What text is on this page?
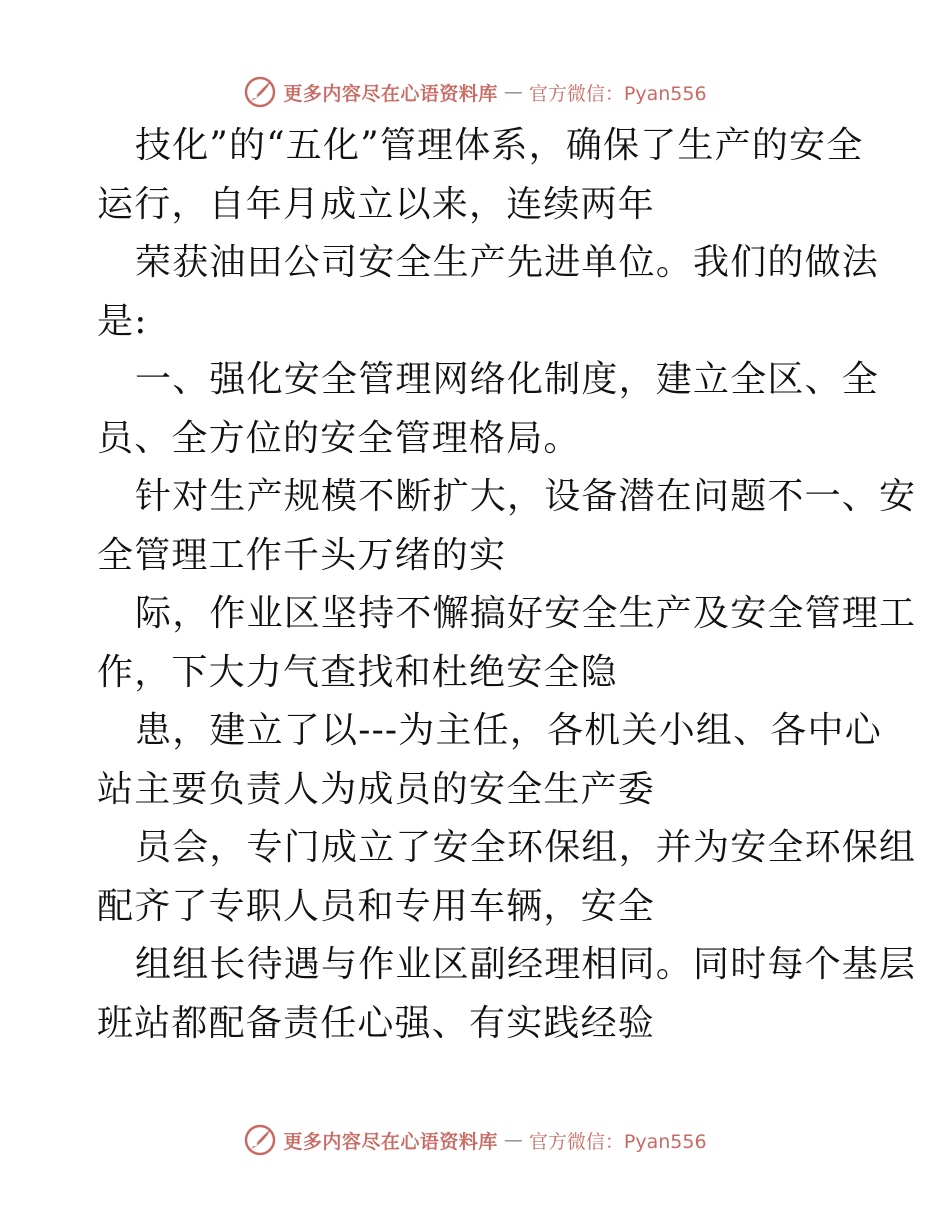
更多内容尽在心语资料库 — 官方微信：Pyan556
技化”的“五化”管理体系，确保了生产的安全
运行，自年月成立以来，连续两年
荣获油田公司安全生产先进单位。我们的做法
是:
一、强化安全管理网络化制度，建立全区、全
员、全方位的安全管理格局。
针对生产规模不断扩大，设备潜在问题不一、安
全管理工作千头万绪的实
际，作业区坚持不懈搞好安全生产及安全管理工
作，下大力气查找和杜绝安全隐
患，建立了以---为主任，各机关小组、各中心
站主要负责人为成员的安全生产委
员会，专门成立了安全环保组，并为安全环保组
配齐了专职人员和专用车辆，安全
组组长待遇与作业区副经理相同。同时每个基层
班站都配备责任心强、有实践经验
更多内容尽在心语资料库 — 官方微信：Pyan556
